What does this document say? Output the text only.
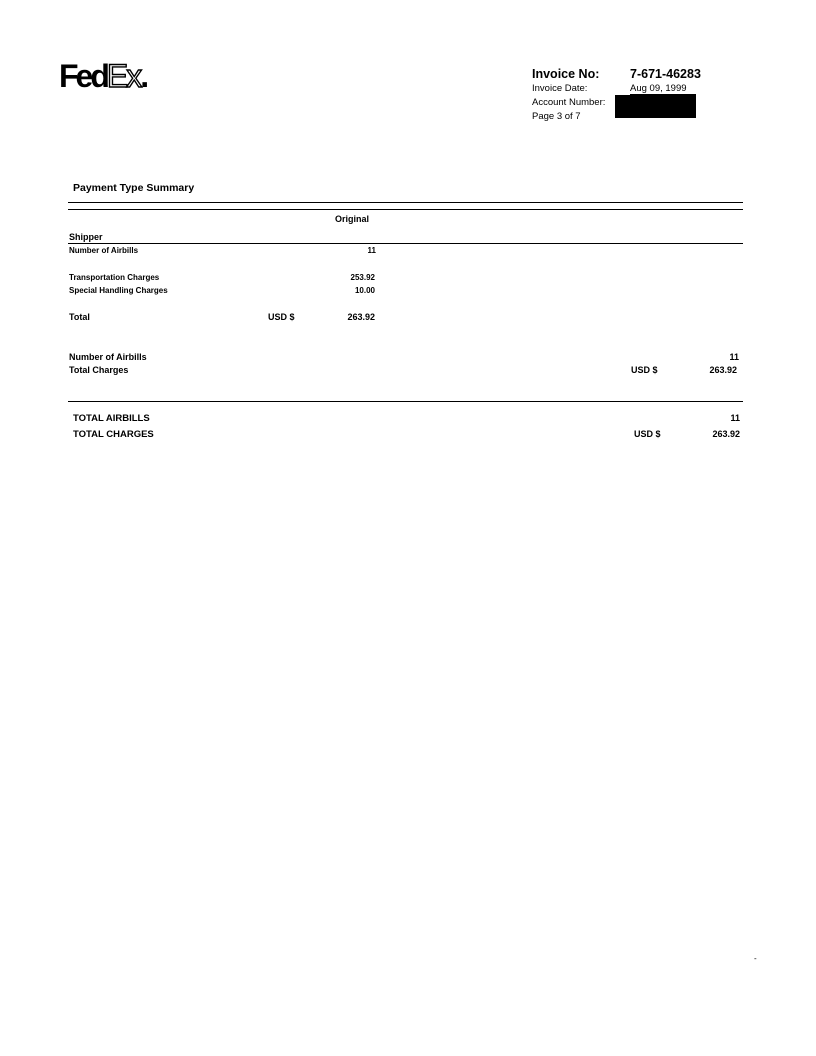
FedEx.	Invoice No: 7-671-46283
Invoice Date:	Aug 09, 1999
Account Number:
Page 3 of 7
Payment Type Summary
Original
Shipper
Number of Airbills	11
Transportation Charges	253.92
Special Handling Charges	10.00
Total	USD $	263.92
Number of Airbills	11
Total Charges	USD $	263.92
TOTAL AIRBILLS	11
TOTAL CHARGES	USD $	263.92
-
